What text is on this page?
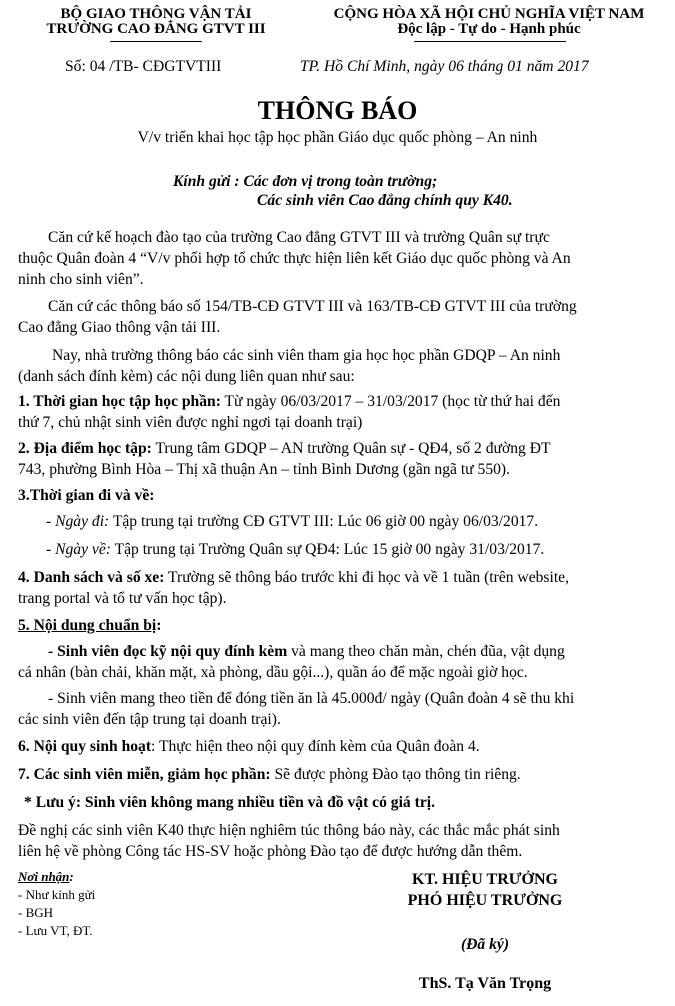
BỘ GIAO THÔNG VẬN TẢI
TRƯỜNG CAO ĐẲNG GTVT III
CỘNG HÒA XÃ HỘI CHỦ NGHĨA VIỆT NAM
Độc lập - Tự do - Hạnh phúc
Số: 04 /TB- CĐGTVTIII	TP. Hồ Chí Minh, ngày 06 tháng 01 năm 2017
THÔNG BÁO
V/v triển khai học tập học phần Giáo dục quốc phòng – An ninh
Kính gửi : Các đơn vị trong toàn trường;
Các sinh viên Cao đẳng chính quy K40.
Căn cứ kế hoạch đào tạo của trường Cao đẳng GTVT III và trường Quân sự trực
thuộc Quân đoàn 4 “V/v phối hợp tổ chức thực hiện liên kết Giáo dục quốc phòng và An
ninh cho sinh viên”.
Căn cứ các thông báo số 154/TB-CĐ GTVT III và 163/TB-CĐ GTVT III của trường
Cao đẳng Giao thông vận tải III.
Nay, nhà trường thông báo các sinh viên tham gia học học phần GDQP – An ninh
(danh sách đính kèm) các nội dung liên quan như sau:
1. Thời gian học tập học phần: Từ ngày 06/03/2017 – 31/03/2017 (học từ thứ hai đến
thứ 7, chủ nhật sinh viên được nghỉ ngơi tại doanh trại)
2. Địa điểm học tập: Trung tâm GDQP – AN trường Quân sự - QĐ4, số 2 đường ĐT
743, phường Bình Hòa – Thị xã thuận An – tỉnh Bình Dương (gần ngã tư 550).
3.Thời gian đi và về:
- Ngày đi: Tập trung tại trường CĐ GTVT III: Lúc 06 giờ 00 ngày 06/03/2017.
- Ngày về: Tập trung tại Trường Quân sự QĐ4: Lúc 15 giờ 00 ngày 31/03/2017.
4. Danh sách và số xe: Trường sẽ thông báo trước khi đi học và về 1 tuần (trên website,
trang portal và tổ tư vấn học tập).
5. Nội dung chuẩn bị:
- Sinh viên đọc kỹ nội quy đính kèm và mang theo chăn màn, chén đũa, vật dụng
cá nhân (bàn chải, khăn mặt, xà phòng, dầu gội...), quần áo để mặc ngoài giờ học.
- Sinh viên mang theo tiền để đóng tiền ăn là 45.000đ/ ngày (Quân đoàn 4 sẽ thu khi
các sinh viên đến tập trung tại doanh trại).
6. Nội quy sinh hoạt: Thực hiện theo nội quy đính kèm của Quân đoàn 4.
7. Các sinh viên miễn, giảm học phần: Sẽ được phòng Đào tạo thông tin riêng.
* Lưu ý: Sinh viên không mang nhiều tiền và đồ vật có giá trị.
Đề nghị các sinh viên K40 thực hiện nghiêm túc thông báo này, các thắc mắc phát sinh
liên hệ về phòng Công tác HS-SV hoặc phòng Đào tạo để được hướng dẫn thêm.
Nơi nhận:
- Như kính gửi
- BGH
- Lưu VT, ĐT.
KT. HIỆU TRƯỞNG
PHÓ HIỆU TRƯỞNG
(Đã ký)
ThS. Tạ Văn Trọng
